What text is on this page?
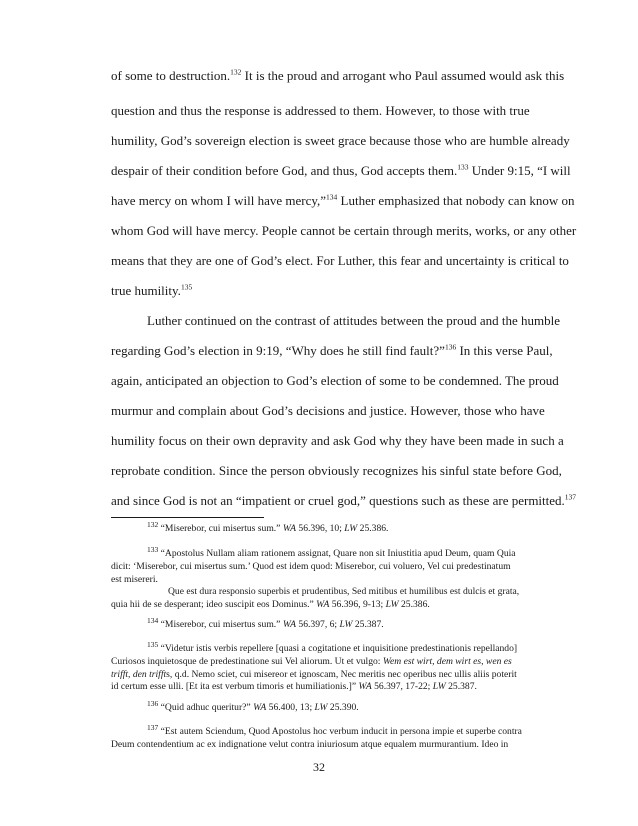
of some to destruction.$^{132}$ It is the proud and arrogant who Paul assumed would ask this
question and thus the response is addressed to them. However, to those with true
humility, God’s sovereign election is sweet grace because those who are humble already
despair of their condition before God, and thus, God accepts them.$^{133}$ Under 9:15, “I will
have mercy on whom I will have mercy,”$^{134}$ Luther emphasized that nobody can know on
whom God will have mercy. People cannot be certain through merits, works, or any other
means that they are one of God’s elect. For Luther, this fear and uncertainty is critical to
true humility.$^{135}$
Luther continued on the contrast of attitudes between the proud and the humble
regarding God’s election in 9:19, “Why does he still find fault?”$^{136}$ In this verse Paul,
again, anticipated an objection to God’s election of some to be condemned. The proud
murmur and complain about God’s decisions and justice. However, those who have
humility focus on their own depravity and ask God why they have been made in such a
reprobate condition. Since the person obviously recognizes his sinful state before God,
and since God is not an “impatient or cruel god,” questions such as these are permitted.$^{137}$
$^{132}$ “Miserebor, cui misertus sum.” WA 56.396, 10; LW 25.386.
$^{133}$ “Apostolus Nullam aliam rationem assignat, Quare non sit Iniustitia apud Deum, quam Quia
dicit: ‘Miserebor, cui misertus sum.’ Quod est idem quod: Miserebor, cui voluero, Vel cui predestinatum
est misereri.
Que est dura responsio superbis et prudentibus, Sed mitibus et humilibus est dulcis et grata,
quia hii de se desperant; ideo suscipit eos Dominus.” WA 56.396, 9-13; LW 25.386.
$^{134}$ “Miserebor, cui misertus sum.” WA 56.397, 6; LW 25.387.
$^{135}$ “Videtur istis verbis repellere [quasi a cogitatione et inquisitione predestinationis repellando]
Curiosos inquietosque de predestinatione sui Vel aliorum. Ut et vulgo: Wem est wirt, dem wirt es, wen es
trifft, den triffts, q.d. Nemo sciet, cui misereor et ignoscam, Nec meritis nec operibus nec ullis aliis poterit
id certum esse ulli. [Et ita est verbum timoris et humiliationis.]” WA 56.397, 17-22; LW 25.387.
$^{136}$ “Quid adhuc queritur?” WA 56.400, 13; LW 25.390.
$^{137}$ “Est autem Sciendum, Quod Apostolus hoc verbum inducit in persona impie et superbe contra
Deum contendentium ac ex indignatione velut contra iniuriosum atque equalem murmurantium. Ideo in
32
